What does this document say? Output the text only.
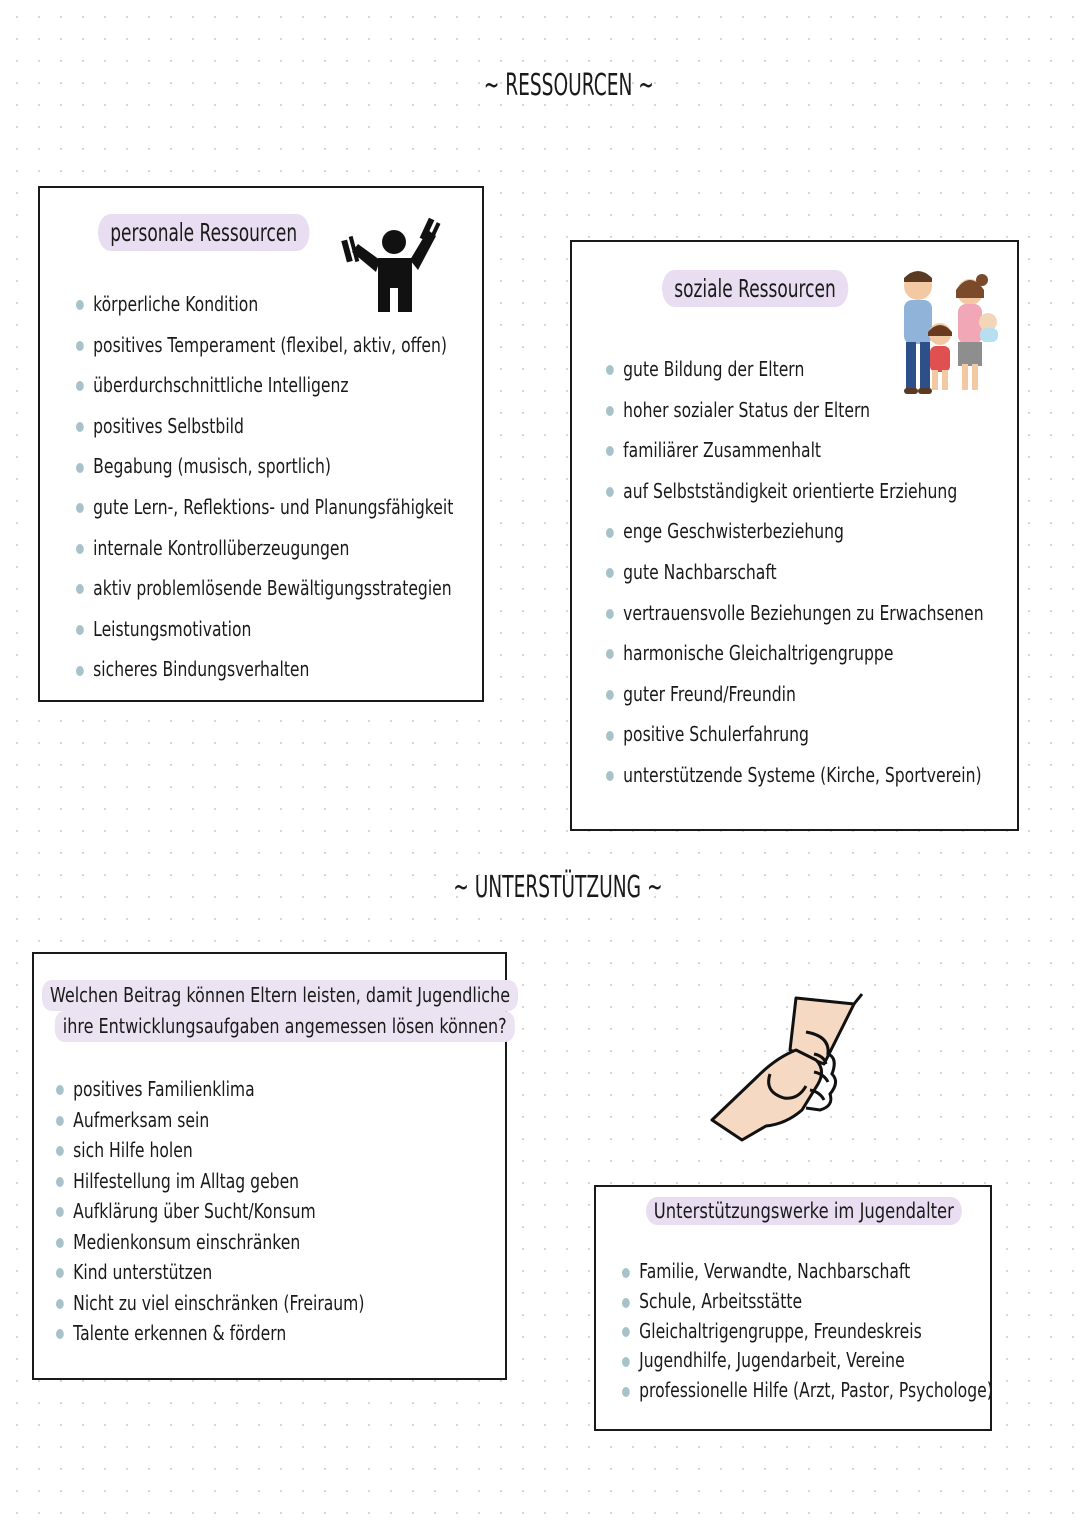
~ RESSOURCEN ~
~ UNTERSTÜTZUNG ~
personale Ressourcen
körperliche Kondition
positives Temperament (flexibel, aktiv, offen)
überdurchschnittliche Intelligenz
positives Selbstbild
Begabung (musisch, sportlich)
gute Lern-, Reflektions- und Planungsfähigkeit
internale Kontrollüberzeugungen
aktiv problemlösende Bewältigungsstrategien
Leistungsmotivation
sicheres Bindungsverhalten
soziale Ressourcen
gute Bildung der Eltern
hoher sozialer Status der Eltern
familiärer Zusammenhalt
auf Selbstständigkeit orientierte Erziehung
enge Geschwisterbeziehung
gute Nachbarschaft
vertrauensvolle Beziehungen zu Erwachsenen
harmonische Gleichaltrigengruppe
guter Freund/Freundin
positive Schulerfahrung
unterstützende Systeme (Kirche, Sportverein)
Welchen Beitrag können Eltern leisten, damit Jugendliche
ihre Entwicklungsaufgaben angemessen lösen können?
positives Familienklima
Aufmerksam sein
sich Hilfe holen
Hilfestellung im Alltag geben
Aufklärung über Sucht/Konsum
Medienkonsum einschränken
Kind unterstützen
Nicht zu viel einschränken (Freiraum)
Talente erkennen & fördern
Unterstützungswerke im Jugendalter
Familie, Verwandte, Nachbarschaft
Schule, Arbeitsstätte
Gleichaltrigengruppe, Freundeskreis
Jugendhilfe, Jugendarbeit, Vereine
professionelle Hilfe (Arzt, Pastor, Psychologe)
